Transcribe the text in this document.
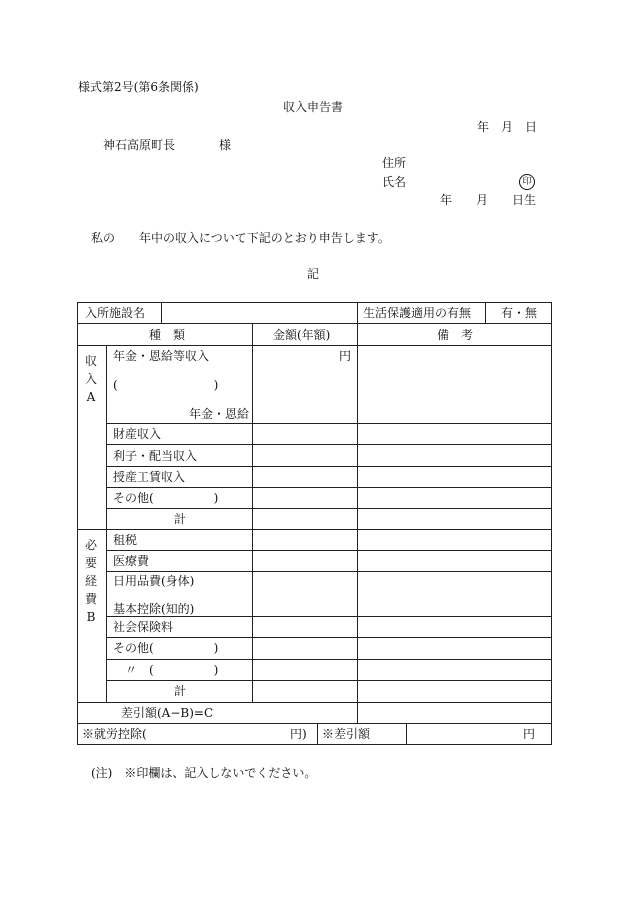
様式第2号(第6条関係)
収入申告書
年　月　日
神石高原町長	様
住所
氏名	印
年　　月　　日生
私の　　年中の収入について下記のとおり申告します。
記
入所施設名	生活保護適用の有無 有・無
種　類	金額(年額)	備　考
収
入
A
年金・恩給等収入	円
(　　　　　　　　)
年金・恩給
財産収入
利子・配当収入
授産工賃収入
その他(　　　　　)
計
必
要
経
費
B
租税
医療費
日用品費(身体)
基本控除(知的)
社会保険料
その他(　　　　　)
〃　(　　　　　)
計
差引額(A−B)=C
※就労控除(	円) ※差引額	円
(注)　※印欄は、記入しないでください。
